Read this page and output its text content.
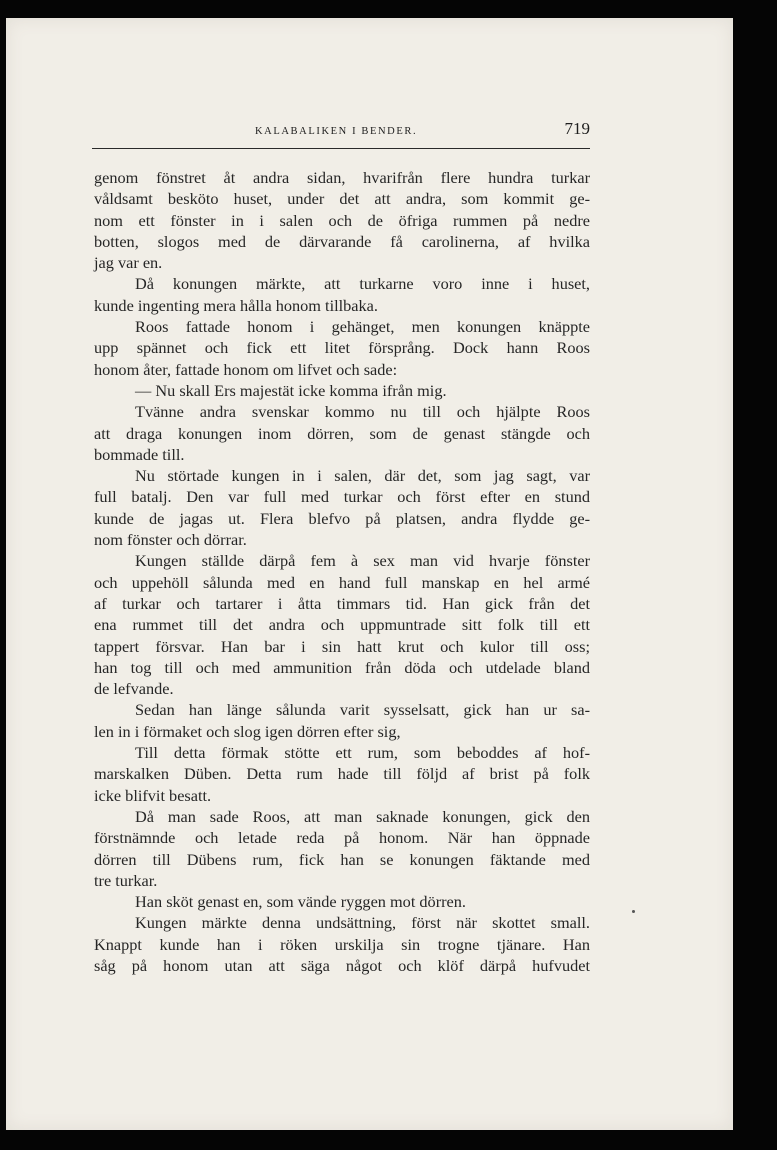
KALABALIKEN I BENDER.	719
genom fönstret åt andra sidan, hvarifrån flere hundra turkar
våldsamt besköto huset, under det att andra, som kommit ge-
nom ett fönster in i salen och de öfriga rummen på nedre
botten, slogos med de därvarande få carolinerna, af hvilka
jag var en.
Då konungen märkte, att turkarne voro inne i huset,
kunde ingenting mera hålla honom tillbaka.
Roos fattade honom i gehänget, men konungen knäppte
upp spännet och fick ett litet försprång. Dock hann Roos
honom åter, fattade honom om lifvet och sade:
— Nu skall Ers majestät icke komma ifrån mig.
Tvänne andra svenskar kommo nu till och hjälpte Roos
att draga konungen inom dörren, som de genast stängde och
bommade till.
Nu störtade kungen in i salen, där det, som jag sagt, var
full batalj. Den var full med turkar och först efter en stund
kunde de jagas ut. Flera blefvo på platsen, andra flydde ge-
nom fönster och dörrar.
Kungen ställde därpå fem à sex man vid hvarje fönster
och uppehöll sålunda med en hand full manskap en hel armé
af turkar och tartarer i åtta timmars tid. Han gick från det
ena rummet till det andra och uppmuntrade sitt folk till ett
tappert försvar. Han bar i sin hatt krut och kulor till oss;
han tog till och med ammunition från döda och utdelade bland
de lefvande.
Sedan han länge sålunda varit sysselsatt, gick han ur sa-
len in i förmaket och slog igen dörren efter sig,
Till detta förmak stötte ett rum, som beboddes af hof-
marskalken Düben. Detta rum hade till följd af brist på folk
icke blifvit besatt.
Då man sade Roos, att man saknade konungen, gick den
förstnämnde och letade reda på honom. När han öppnade
dörren till Dübens rum, fick han se konungen fäktande med
tre turkar.
Han sköt genast en, som vände ryggen mot dörren.
Kungen märkte denna undsättning, först när skottet small.
Knappt kunde han i röken urskilja sin trogne tjänare. Han
såg på honom utan att säga något och klöf därpå hufvudet
